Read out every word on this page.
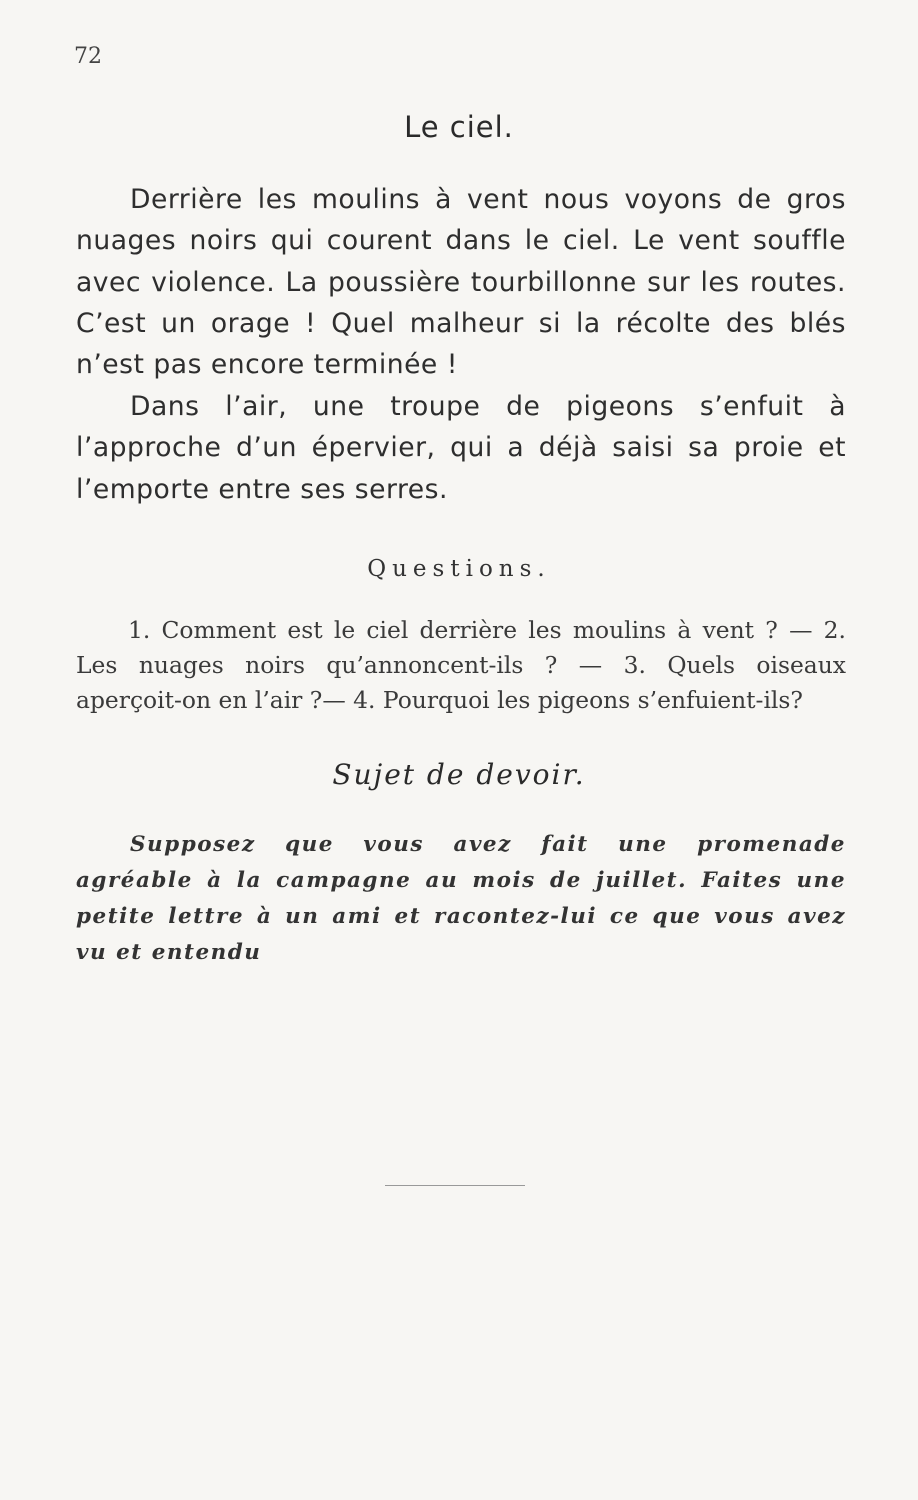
72
Le ciel.

Derrière les moulins à vent nous voyons de gros nuages noirs qui courent dans le ciel. Le vent souffle avec violence. La poussière tourbillonne sur les routes. C’est un orage ! Quel malheur si la récolte des blés n’est pas encore terminée !

Dans l’air, une troupe de pigeons s’enfuit à l’approche d’un épervier, qui a déjà saisi sa proie et l’emporte entre ses serres.

Questions.

1. Comment est le ciel derrière les moulins à vent ? — 2. Les nuages noirs qu’annoncent-ils ? — 3. Quels oiseaux aperçoit-on en l’air ?— 4. Pourquoi les pigeons s’enfuient-ils?

Sujet de devoir.

Supposez que vous avez fait une promenade agréable à la campagne au mois de juillet. Faites une petite lettre à un ami et racontez-lui ce que vous avez vu et entendu
